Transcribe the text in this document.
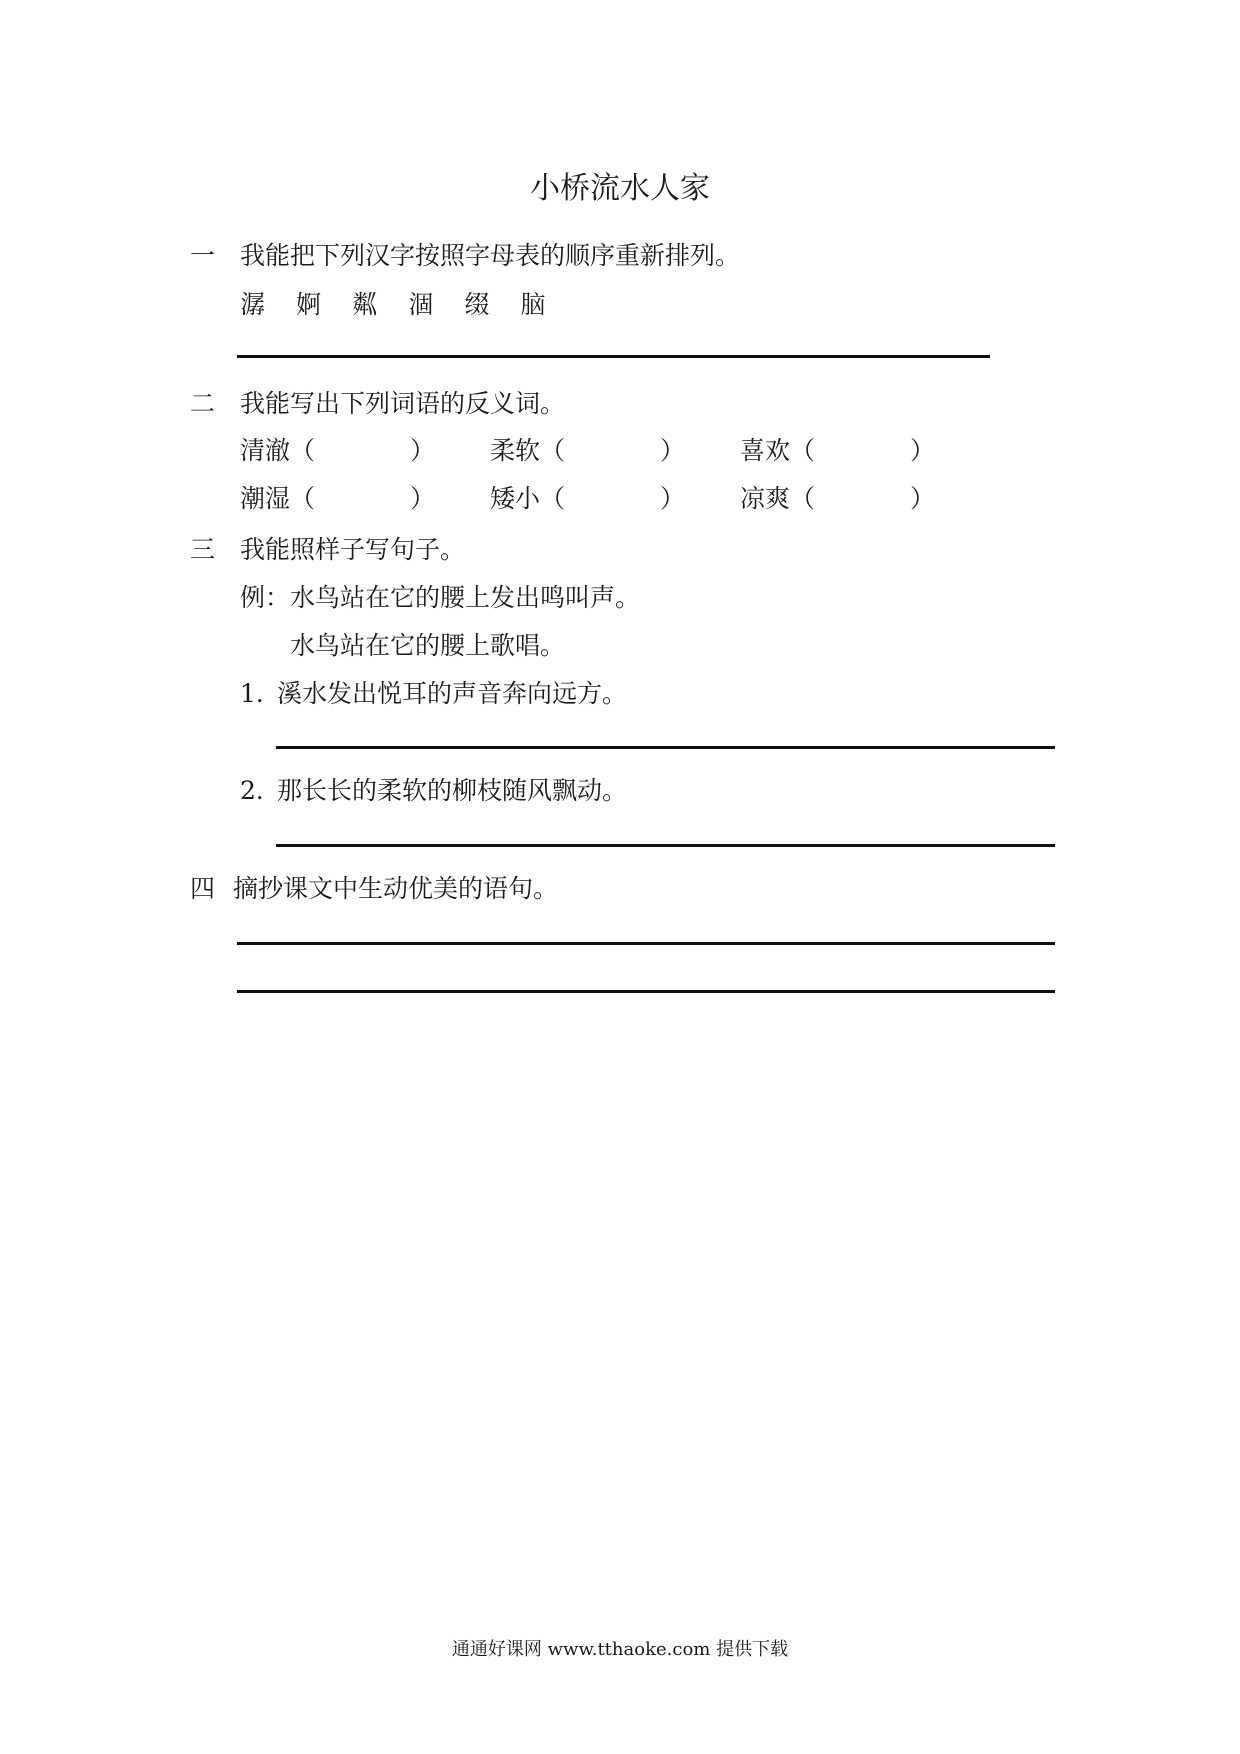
小桥流水人家
一 我能把下列汉字按照字母表的顺序重新排列。
潺 婀 粼 涸 缀 脑
二 我能写出下列词语的反义词。
清澈（	） 柔软（	） 喜欢（	）
潮湿（	） 矮小（	） 凉爽（	）
三 我能照样子写句子。
例： 水鸟站在它的腰上发出鸣叫声。
水鸟站在它的腰上歌唱。
1．
溪水发出悦耳的声音奔向远方。
2．
那长长的柔软的柳枝随风飘动。
四 摘抄课文中生动优美的语句。
通通好课网 www.tthaoke.com 提供下载
